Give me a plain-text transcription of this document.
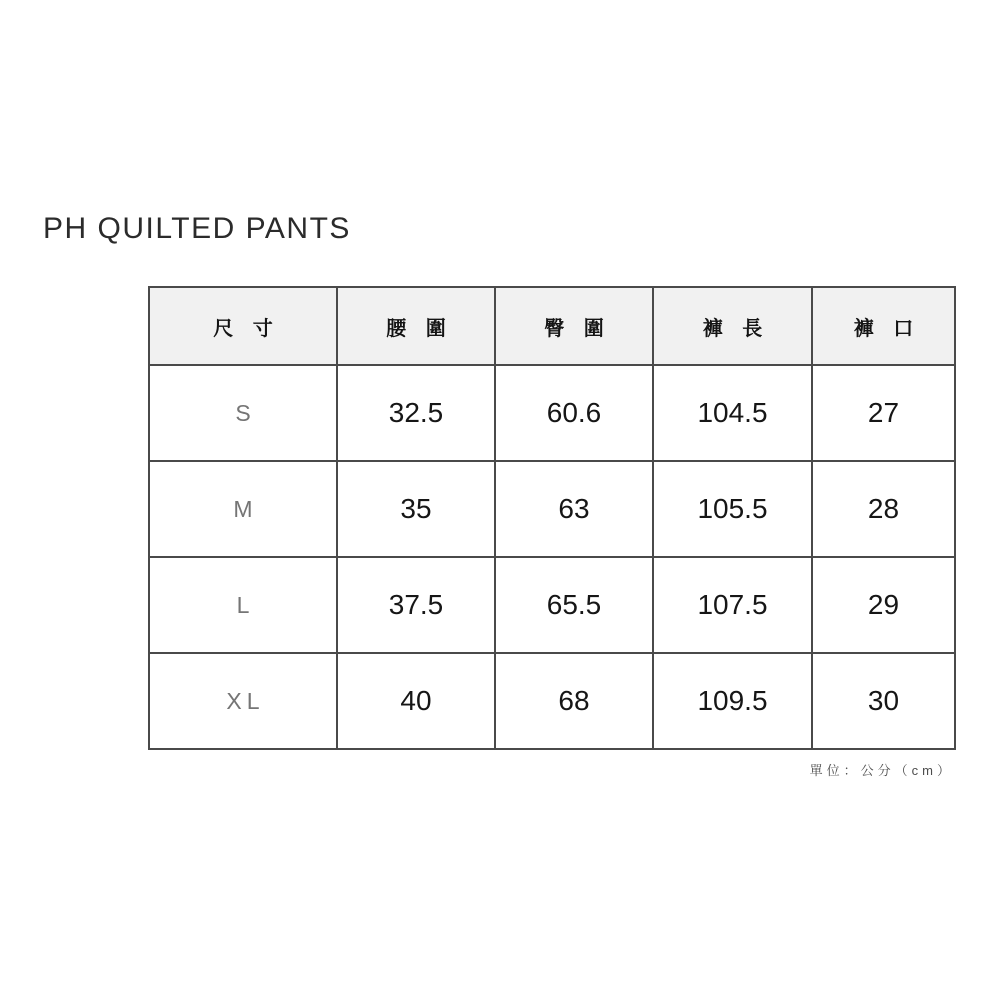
PH QUILTED PANTS
尺 寸	腰 圍	臀 圍	褲 長	褲 口
S	32.5	60.6	104.5	27
M	35	63	105.5	28
L	37.5	65.5	107.5	29
XL	40	68	109.5	30
單位：公分（cm）
